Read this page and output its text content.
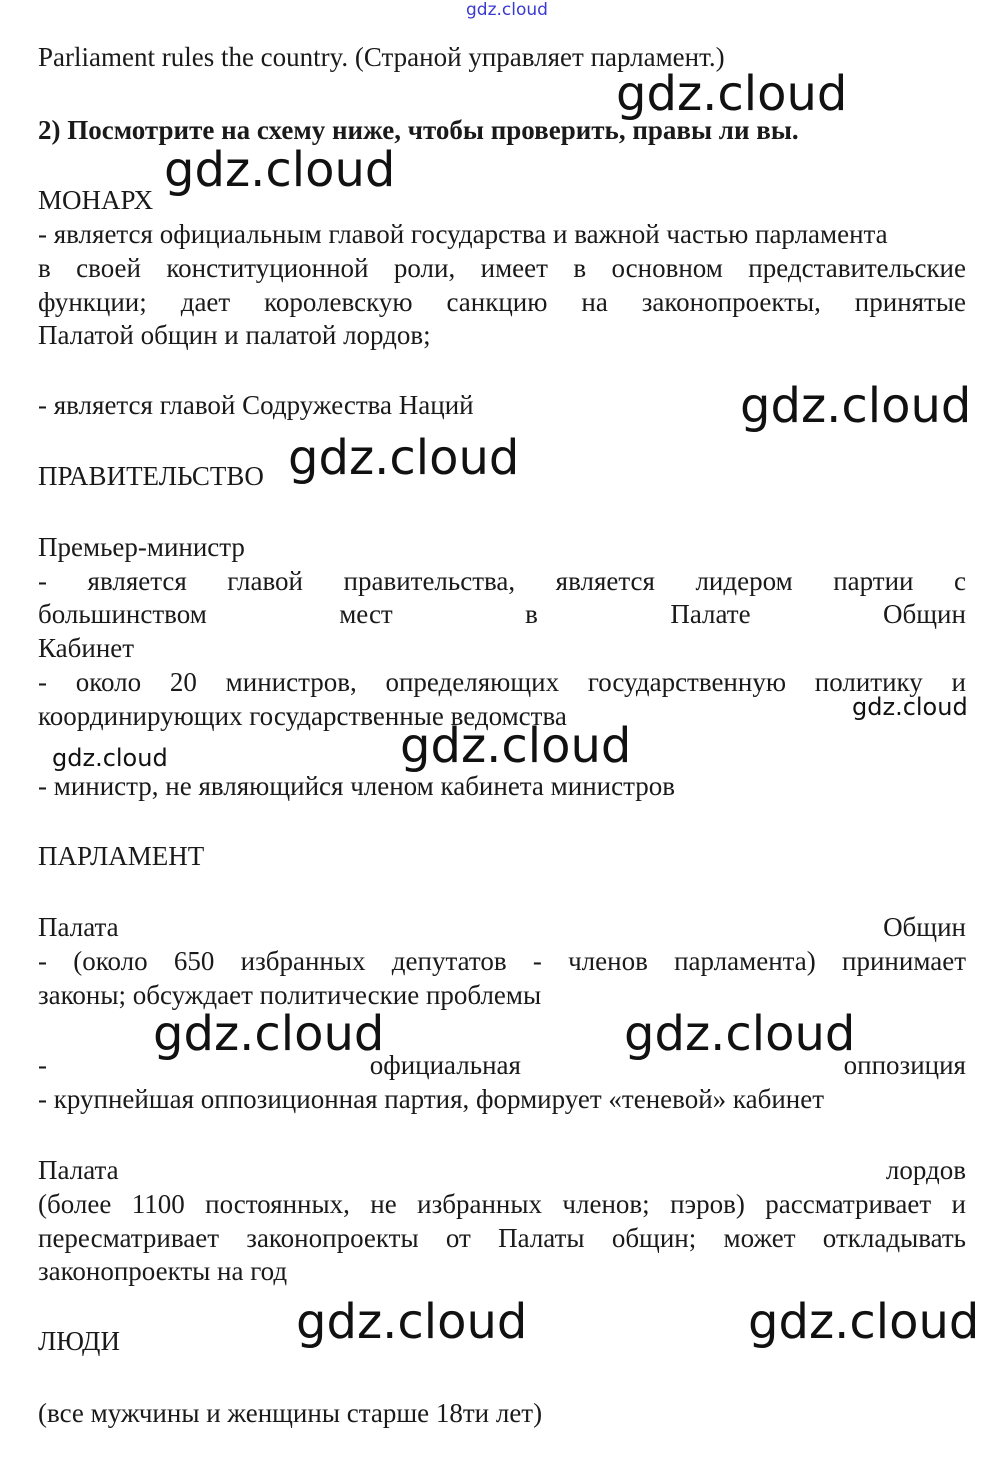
gdz.cloud
Parliament rules the country. (Страной управляет парламент.)
2) Посмотрите на схему ниже, чтобы проверить, правы ли вы.
МОНАРХ
- является официальным главой государства и важной частью парламента
в своей конституционной роли, имеет в основном представительские
функции; дает королевскую санкцию на законопроекты, принятые
Палатой общин и палатой лордов;
- является главой Содружества Наций
ПРАВИТЕЛЬСТВО
Премьер-министр
- является главой правительства, является лидером партии с
большинством	мест	в	Палате	Общин
Кабинет
- около 20 министров, определяющих государственную политику и
координирующих государственные ведомства
- министр, не являющийся членом кабинета министров
ПАРЛАМЕНТ
Палата	Общин
- (около 650 избранных депутатов - членов парламента) принимает
законы; обсуждает политические проблемы
-	официальная	оппозиция
- крупнейшая оппозиционная партия, формирует «теневой» кабинет
Палата	лордов
(более 1100 постоянных, не избранных членов; пэров) рассматривает и
пересматривает законопроекты от Палаты общин; может откладывать
законопроекты на год
ЛЮДИ
(все мужчины и женщины старше 18ти лет)
gdz.cloud
gdz.cloud
gdz.cloud
gdz.cloud
gdz.cloud
gdz.cloud
gdz.cloud
gdz.cloud	gdz.cloud
gdz.cloud	gdz.cloud
